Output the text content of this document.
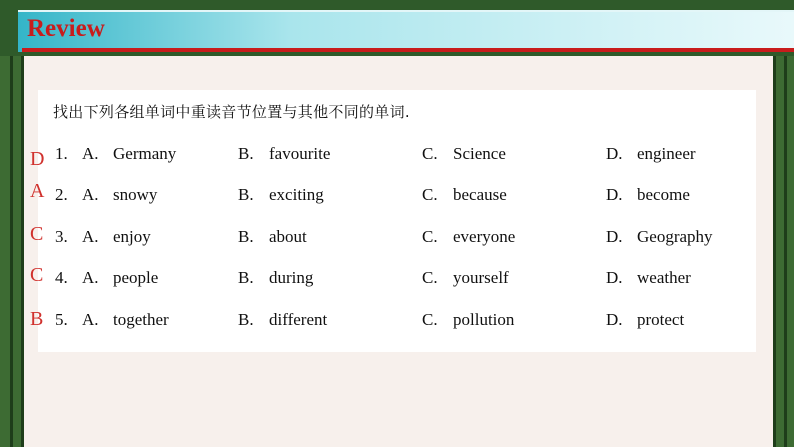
Review
找出下列各组单词中重读音节位置与其他不同的单词.
D 1. A. Germany	B. favourite	C. Science	D. engineer
A 2. A. snowy	B. exciting	C. because	D. become
C 3. A. enjoy	B. about	C. everyone	D. Geography
C 4. A. people	B. during	C. yourself	D. weather
B 5. A. together	B. different	C. pollution	D. protect
